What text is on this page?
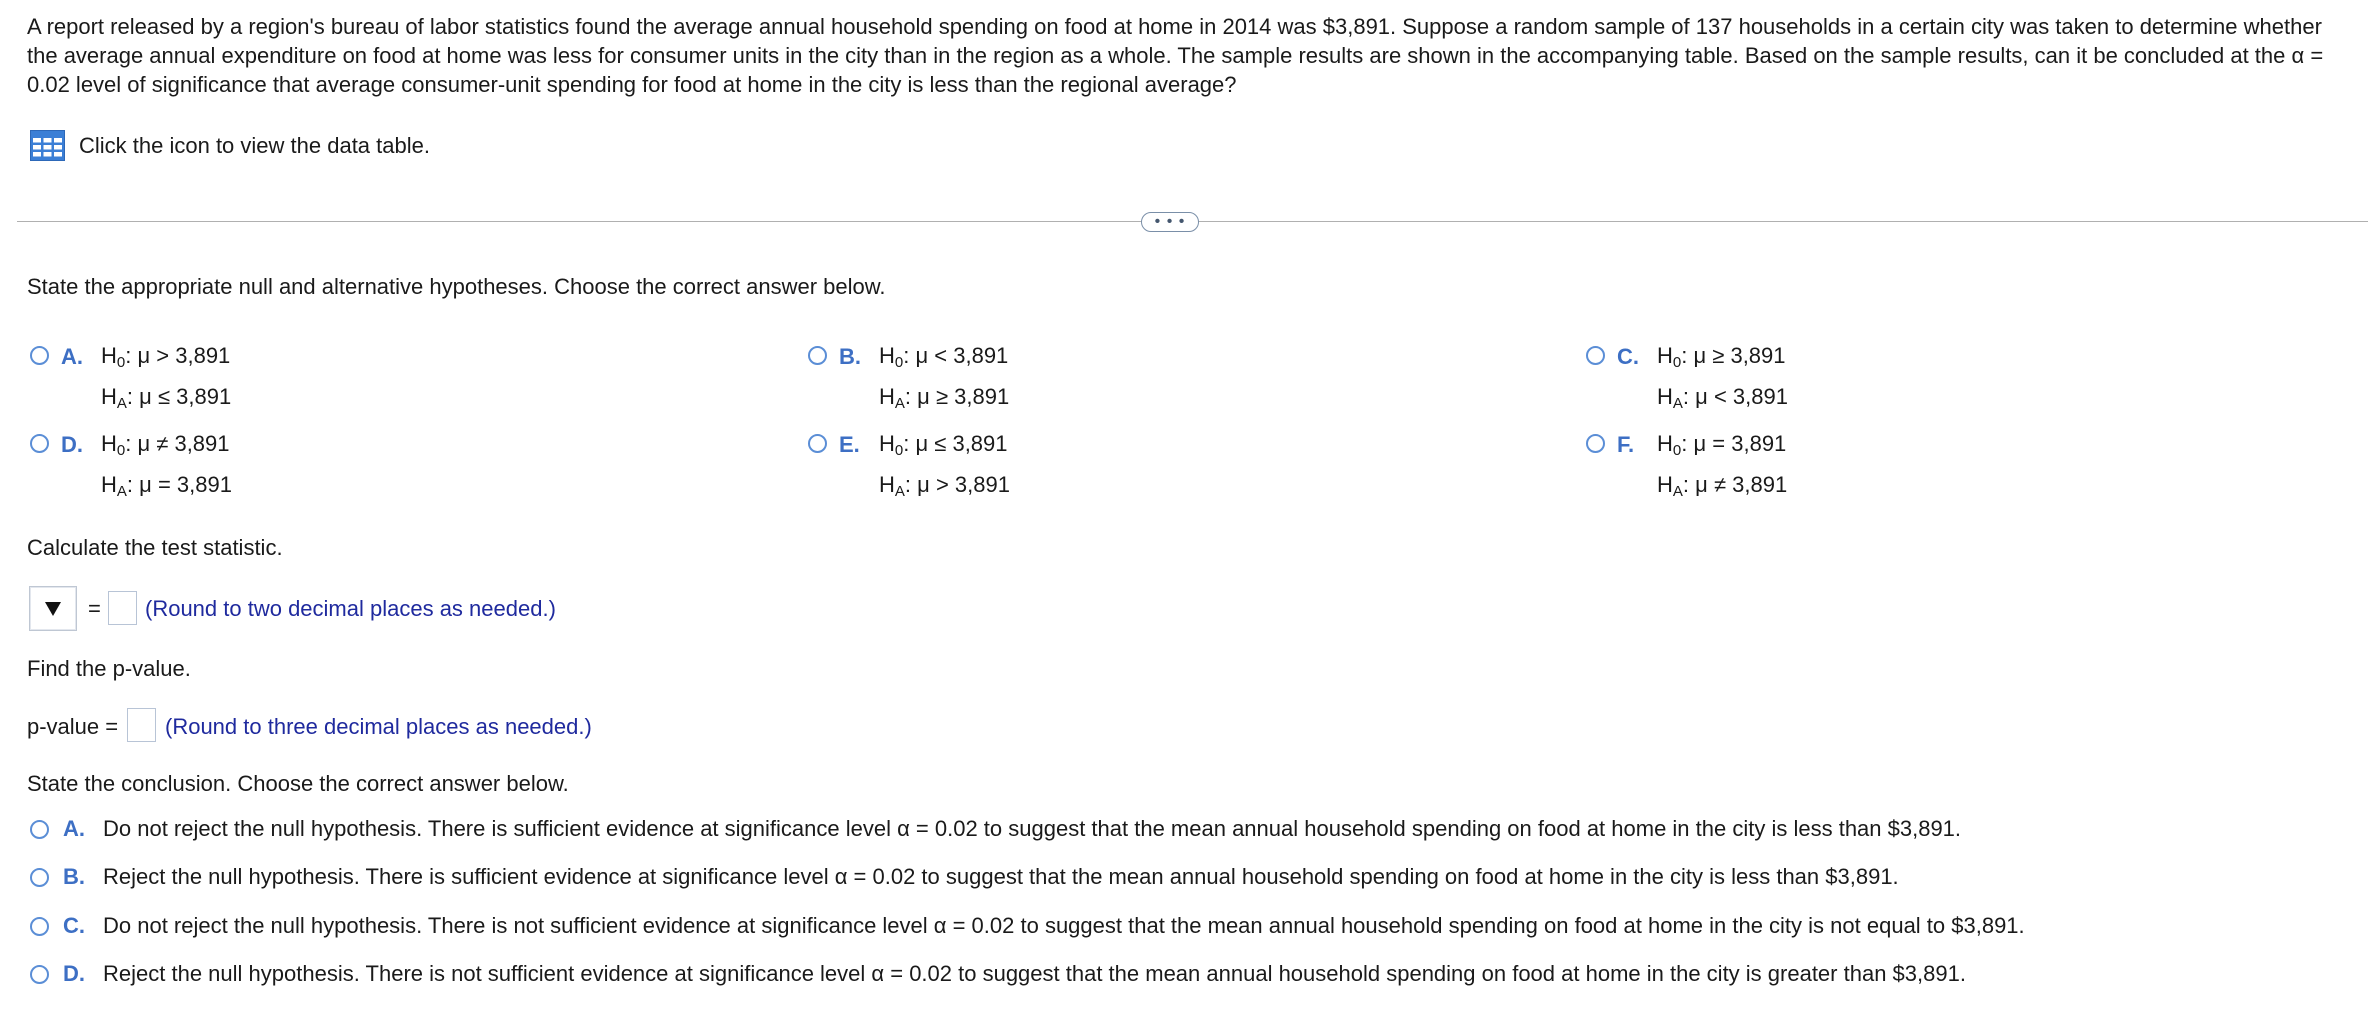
A report released by a region's bureau of labor statistics found the average annual household spending on food at home in 2014 was $3,891. Suppose a random sample of 137 households in a certain city was taken to determine whether the average annual expenditure on food at home was less for consumer units in the city than in the region as a whole. The sample results are shown in the accompanying table. Based on the sample results, can it be concluded at the α = 0.02 level of significance that average consumer-unit spending for food at home in the city is less than the regional average?
Click the icon to view the data table.
• • •
State the appropriate null and alternative hypotheses. Choose the correct answer below.
A. $H_0$: μ > 3,891
$H_A$: μ ≤ 3,891
B. $H_0$: μ < 3,891
$H_A$: μ ≥ 3,891
C. $H_0$: μ ≥ 3,891
$H_A$: μ < 3,891
D. $H_0$: μ ≠ 3,891
$H_A$: μ = 3,891
E. $H_0$: μ ≤ 3,891
$H_A$: μ > 3,891
F.	$H_0$: μ = 3,891
$H_A$: μ ≠ 3,891
Calculate the test statistic.
= (Round to two decimal places as needed.)
Find the p-value.
p-value = (Round to three decimal places as needed.)
State the conclusion. Choose the correct answer below.
A. Do not reject the null hypothesis. There is sufficient evidence at significance level α = 0.02 to suggest that the mean annual household spending on food at home in the city is less than $3,891.
B. Reject the null hypothesis. There is sufficient evidence at significance level α = 0.02 to suggest that the mean annual household spending on food at home in the city is less than $3,891.
C. Do not reject the null hypothesis. There is not sufficient evidence at significance level α = 0.02 to suggest that the mean annual household spending on food at home in the city is not equal to $3,891.
D. Reject the null hypothesis. There is not sufficient evidence at significance level α = 0.02 to suggest that the mean annual household spending on food at home in the city is greater than $3,891.
